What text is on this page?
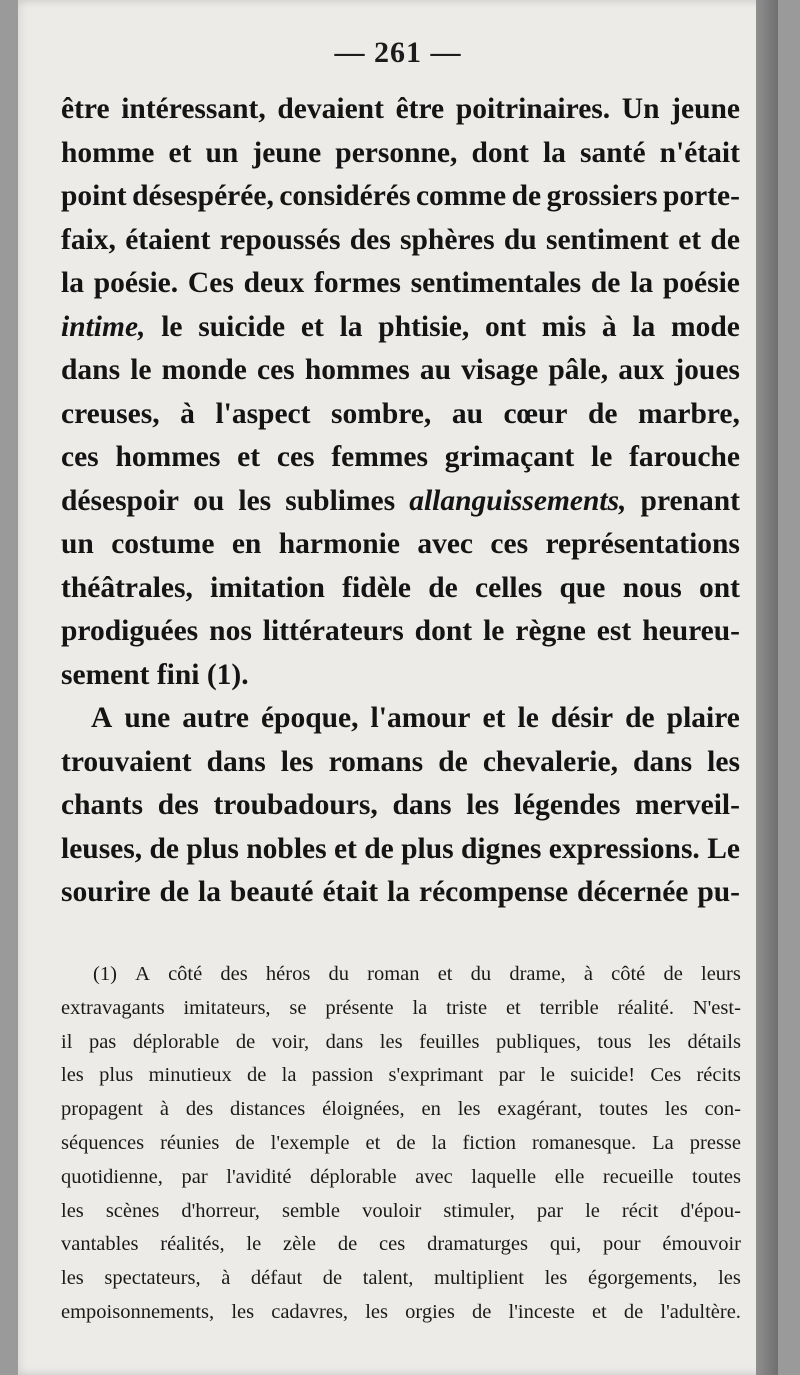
— 261 —
être intéressant, devaient être poitrinaires. Un jeune
homme et un jeune personne, dont la santé n'était
point désespérée, considérés comme de grossiers porte-
faix, étaient repoussés des sphères du sentiment et de
la poésie. Ces deux formes sentimentales de la poésie
intime, le suicide et la phtisie, ont mis à la mode
dans le monde ces hommes au visage pâle, aux joues
creuses, à l'aspect sombre, au cœur de marbre,
ces hommes et ces femmes grimaçant le farouche
désespoir ou les sublimes allanguissements, prenant
un costume en harmonie avec ces représentations
théâtrales, imitation fidèle de celles que nous ont
prodiguées nos littérateurs dont le règne est heureu-
sement fini (1).
A une autre époque, l'amour et le désir de plaire
trouvaient dans les romans de chevalerie, dans les
chants des troubadours, dans les légendes merveil-
leuses, de plus nobles et de plus dignes expressions. Le
sourire de la beauté était la récompense décernée pu-
(1) A côté des héros du roman et du drame, à côté de leurs
extravagants imitateurs, se présente la triste et terrible réalité. N'est-
il pas déplorable de voir, dans les feuilles publiques, tous les détails
les plus minutieux de la passion s'exprimant par le suicide! Ces récits
propagent à des distances éloignées, en les exagérant, toutes les con-
séquences réunies de l'exemple et de la fiction romanesque. La presse
quotidienne, par l'avidité déplorable avec laquelle elle recueille toutes
les scènes d'horreur, semble vouloir stimuler, par le récit d'épou-
vantables réalités, le zèle de ces dramaturges qui, pour émouvoir
les spectateurs, à défaut de talent, multiplient les égorgements, les
empoisonnements, les cadavres, les orgies de l'inceste et de l'adultère.
